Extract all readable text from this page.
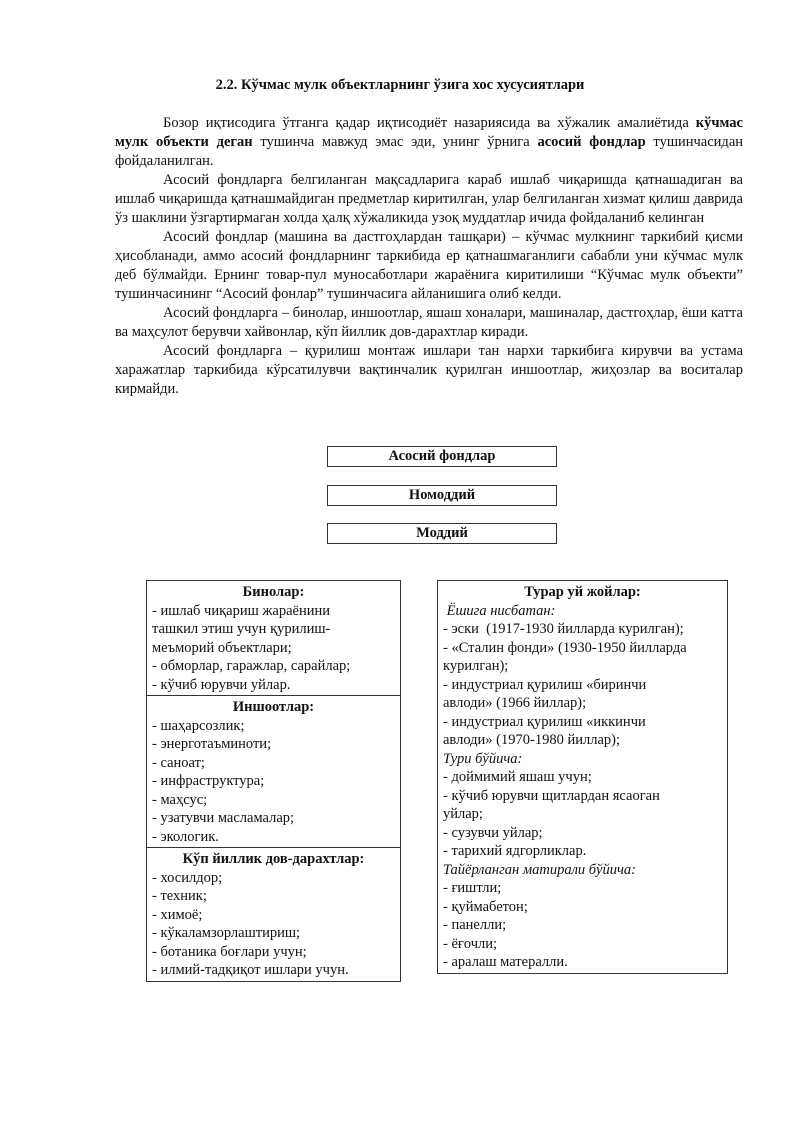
2.2. Кўчмас мулк объектларнинг ўзига хос хусусиятлари

Бозор иқтисодига ўтганга қадар иқтисодиёт назариясида ва хўжалик амалиётида кўчмас мулк объекти деган тушинча мавжуд эмас эди, унинг ўрнига асосий фондлар тушинчасидан фойдаланилган.

Асосий фондларга белгиланган мақсадларига караб ишлаб чиқаришда қатнашадиган ва ишлаб чиқаришда қатнашмайдиган предметлар киритилган, улар белгиланган хизмат қилиш даврида ўз шаклини ўзгартирмаган холда ҳалқ хўжаликида узоқ муддатлар ичида фойдаланиб келинган

Асосий фондлар (машина ва дастгоҳлардан ташқари) – кўчмас мулкнинг таркибий қисми ҳисобланади, аммо асосий фондларнинг таркибида ер қатнашмаганлиги сабабли уни кўчмас мулк деб бўлмайди. Ернинг товар-пул муносаботлари жараёнига киритилиши “Кўчмас мулк объекти” тушинчасининг “Асоcий фонлар” тушинчасига айланишига олиб келди.

Асосий фондларга – бинолар, иншоотлар, яшаш хоналари, машиналар, дастгоҳлар, ёши катта ва маҳсулот берувчи хайвонлар, кўп йиллик дов-дарахтлар киради.

Асосий фондларга – қурилиш монтаж ишлари тан нархи таркибига кирувчи ва устама харажатлар таркибида кўрсатилувчи вақтинчалик қурилган иншоотлар, жиҳозлар ва воситалар кирмайди.

Асосий фондлар
Номоддий
Моддий
Бинолар:
- ишлаб чиқариш жараёнини
ташкил этиш учун қурилиш-
меъморий объектлари;
- обморлар, гаражлар, сарайлар;
- кўчиб юрувчи уйлар.
Иншоотлар:
- шаҳарсозлик;
- энерготаъминоти;
- саноат;
- инфраструктура;
- маҳсус;
- узатувчи масламалар;
- экологик.
Кўп йиллик дов-дарахтлар:
- хосилдор;
- техник;
- химоё;
- кўкаламзорлаштириш;
- ботаника боғлари учун;
- илмий-тадқиқот ишлари учун.
Турар уй жойлар:
Ёшига нисбатан:
- эски  (1917-1930 йилларда курилган);
- «Сталин фонди» (1930-1950 йилларда
курилган);
- индустриал қурилиш «биринчи
авлоди» (1966 йиллар);
- индустриал қурилиш «иккинчи
авлоди» (1970-1980 йиллар);
Тури бўйича:
- доймимий яшаш учун;
- кўчиб юрувчи щитлардан ясаоган
уйлар;
- сузувчи уйлар;
- тарихий ядгорликлар.
Тайёрланган матирали бўйича:
- ғиштли;
- қуймабетон;
- панелли;
- ёғочли;
- аралаш матералли.
